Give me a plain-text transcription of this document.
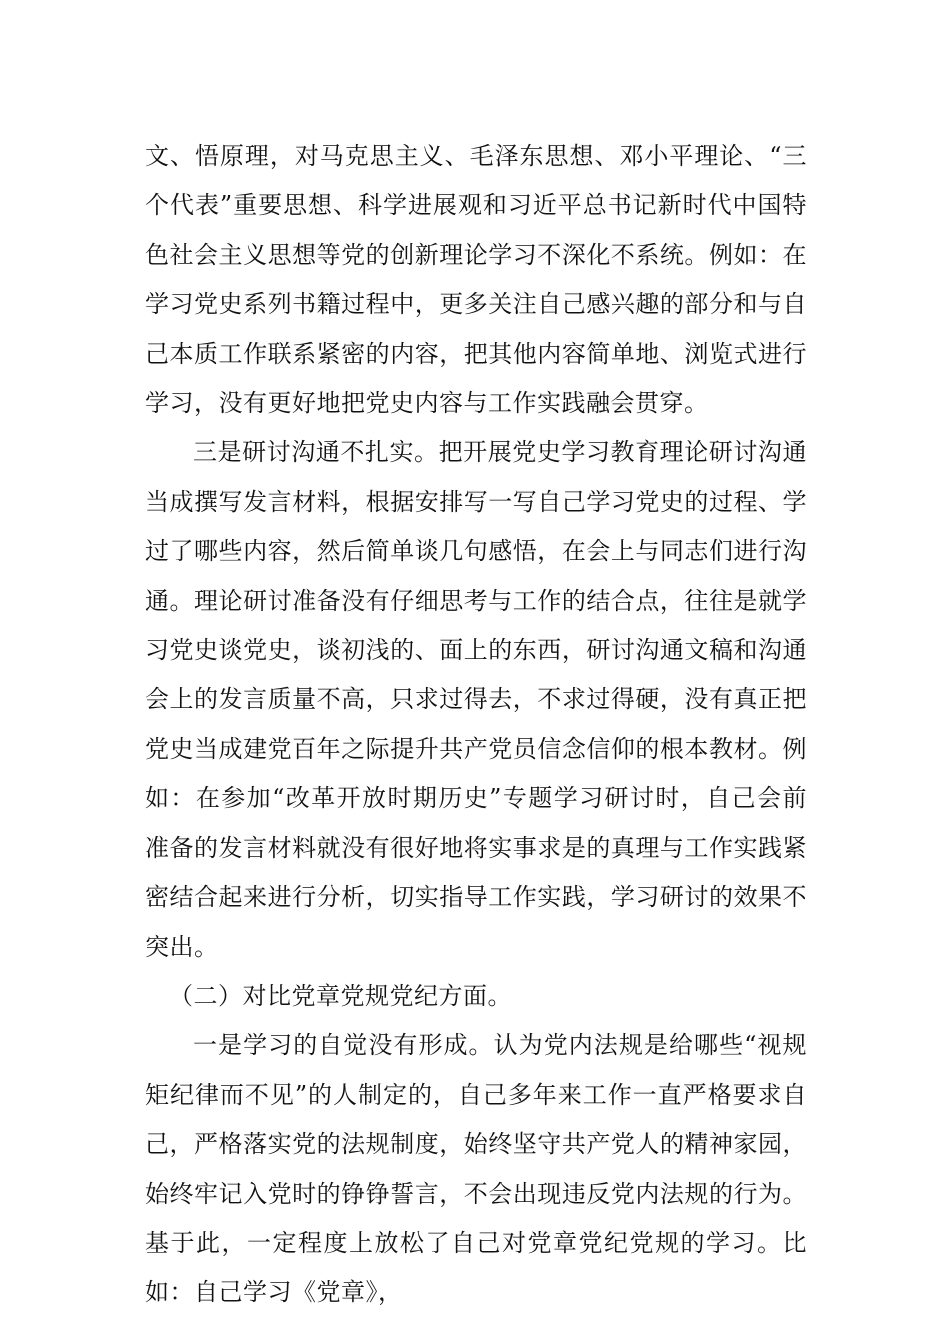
文、悟原理，对马克思主义、毛泽东思想、邓小平理论、“三个代表”重要思想、科学进展观和习近平总书记新时代中国特色社会主义思想等党的创新理论学习不深化不系统。例如：在学习党史系列书籍过程中，更多关注自己感兴趣的部分和与自己本质工作联系紧密的内容，把其他内容简单地、浏览式进行学习，没有更好地把党史内容与工作实践融会贯穿。

三是研讨沟通不扎实。把开展党史学习教育理论研讨沟通当成撰写发言材料，根据安排写一写自己学习党史的过程、学过了哪些内容，然后简单谈几句感悟，在会上与同志们进行沟通。理论研讨准备没有仔细思考与工作的结合点，往往是就学习党史谈党史，谈初浅的、面上的东西，研讨沟通文稿和沟通会上的发言质量不高，只求过得去，不求过得硬，没有真正把党史当成建党百年之际提升共产党员信念信仰的根本教材。例如：在参加“改革开放时期历史”专题学习研讨时，自己会前准备的发言材料就没有很好地将实事求是的真理与工作实践紧密结合起来进行分析，切实指导工作实践，学习研讨的效果不突出。

（二）对比党章党规党纪方面。

一是学习的自觉没有形成。认为党内法规是给哪些“视规矩纪律而不见”的人制定的，自己多年来工作一直严格要求自己，严格落实党的法规制度，始终坚守共产党人的精神家园，始终牢记入党时的铮铮誓言，不会出现违反党内法规的行为。基于此，一定程度上放松了自己对党章党纪党规的学习。比如：自己学习《党章》，
